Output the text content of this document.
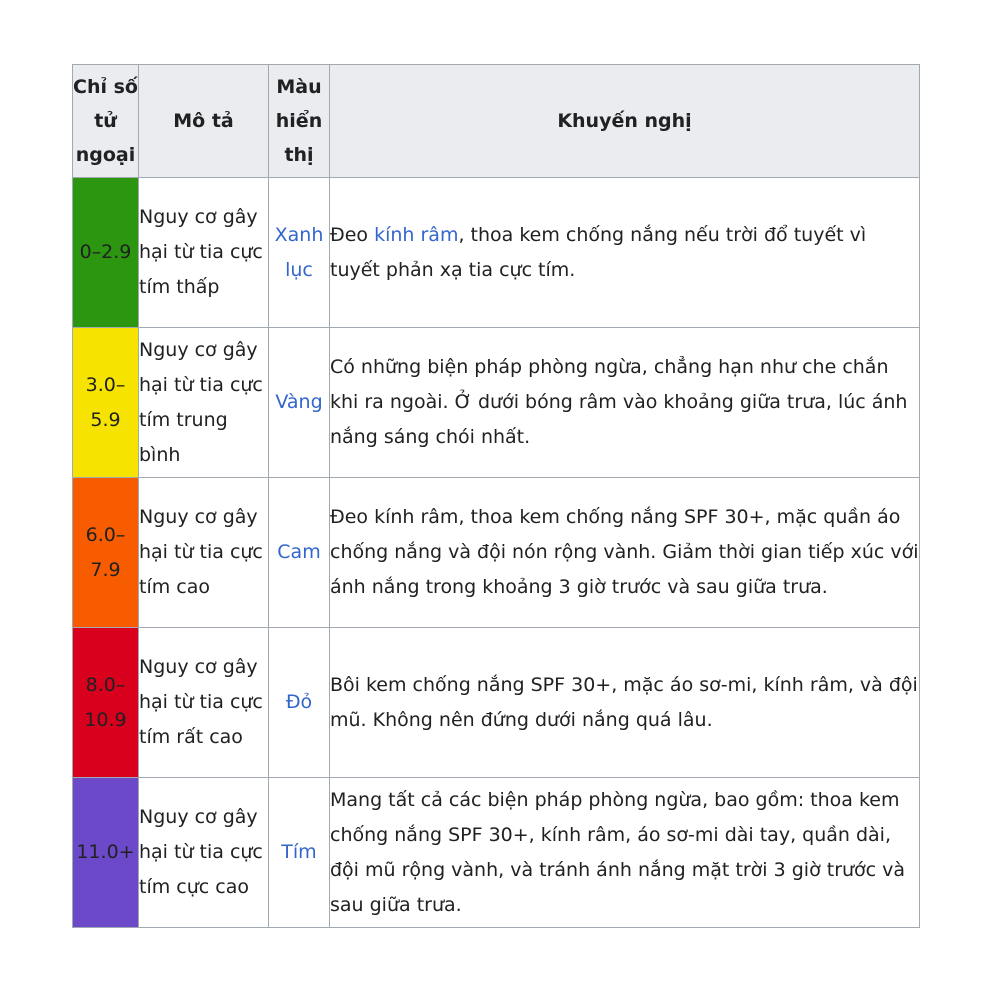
Chỉ số tử ngoại	Mô tả	Màu hiển thị	Khuyến nghị
0–2.9	Nguy cơ gây hại từ tia cực tím thấp	Xanh lục	Đeo kính râm, thoa kem chống nắng nếu trời đổ tuyết vì tuyết phản xạ tia cực tím.
3.0–5.9	Nguy cơ gây hại từ tia cực tím trung bình	Vàng	Có những biện pháp phòng ngừa, chẳng hạn như che chắn khi ra ngoài. Ở dưới bóng râm vào khoảng giữa trưa, lúc ánh nắng sáng chói nhất.
6.0–7.9	Nguy cơ gây hại từ tia cực tím cao	Cam	Đeo kính râm, thoa kem chống nắng SPF 30+, mặc quần áo chống nắng và đội nón rộng vành. Giảm thời gian tiếp xúc với ánh nắng trong khoảng 3 giờ trước và sau giữa trưa.
8.0–10.9	Nguy cơ gây hại từ tia cực tím rất cao	Đỏ	Bôi kem chống nắng SPF 30+, mặc áo sơ-mi, kính râm, và đội mũ. Không nên đứng dưới nắng quá lâu.
11.0+	Nguy cơ gây hại từ tia cực tím cực cao	Tím	Mang tất cả các biện pháp phòng ngừa, bao gồm: thoa kem chống nắng SPF 30+, kính râm, áo sơ-mi dài tay, quần dài, đội mũ rộng vành, và tránh ánh nắng mặt trời 3 giờ trước và sau giữa trưa.
